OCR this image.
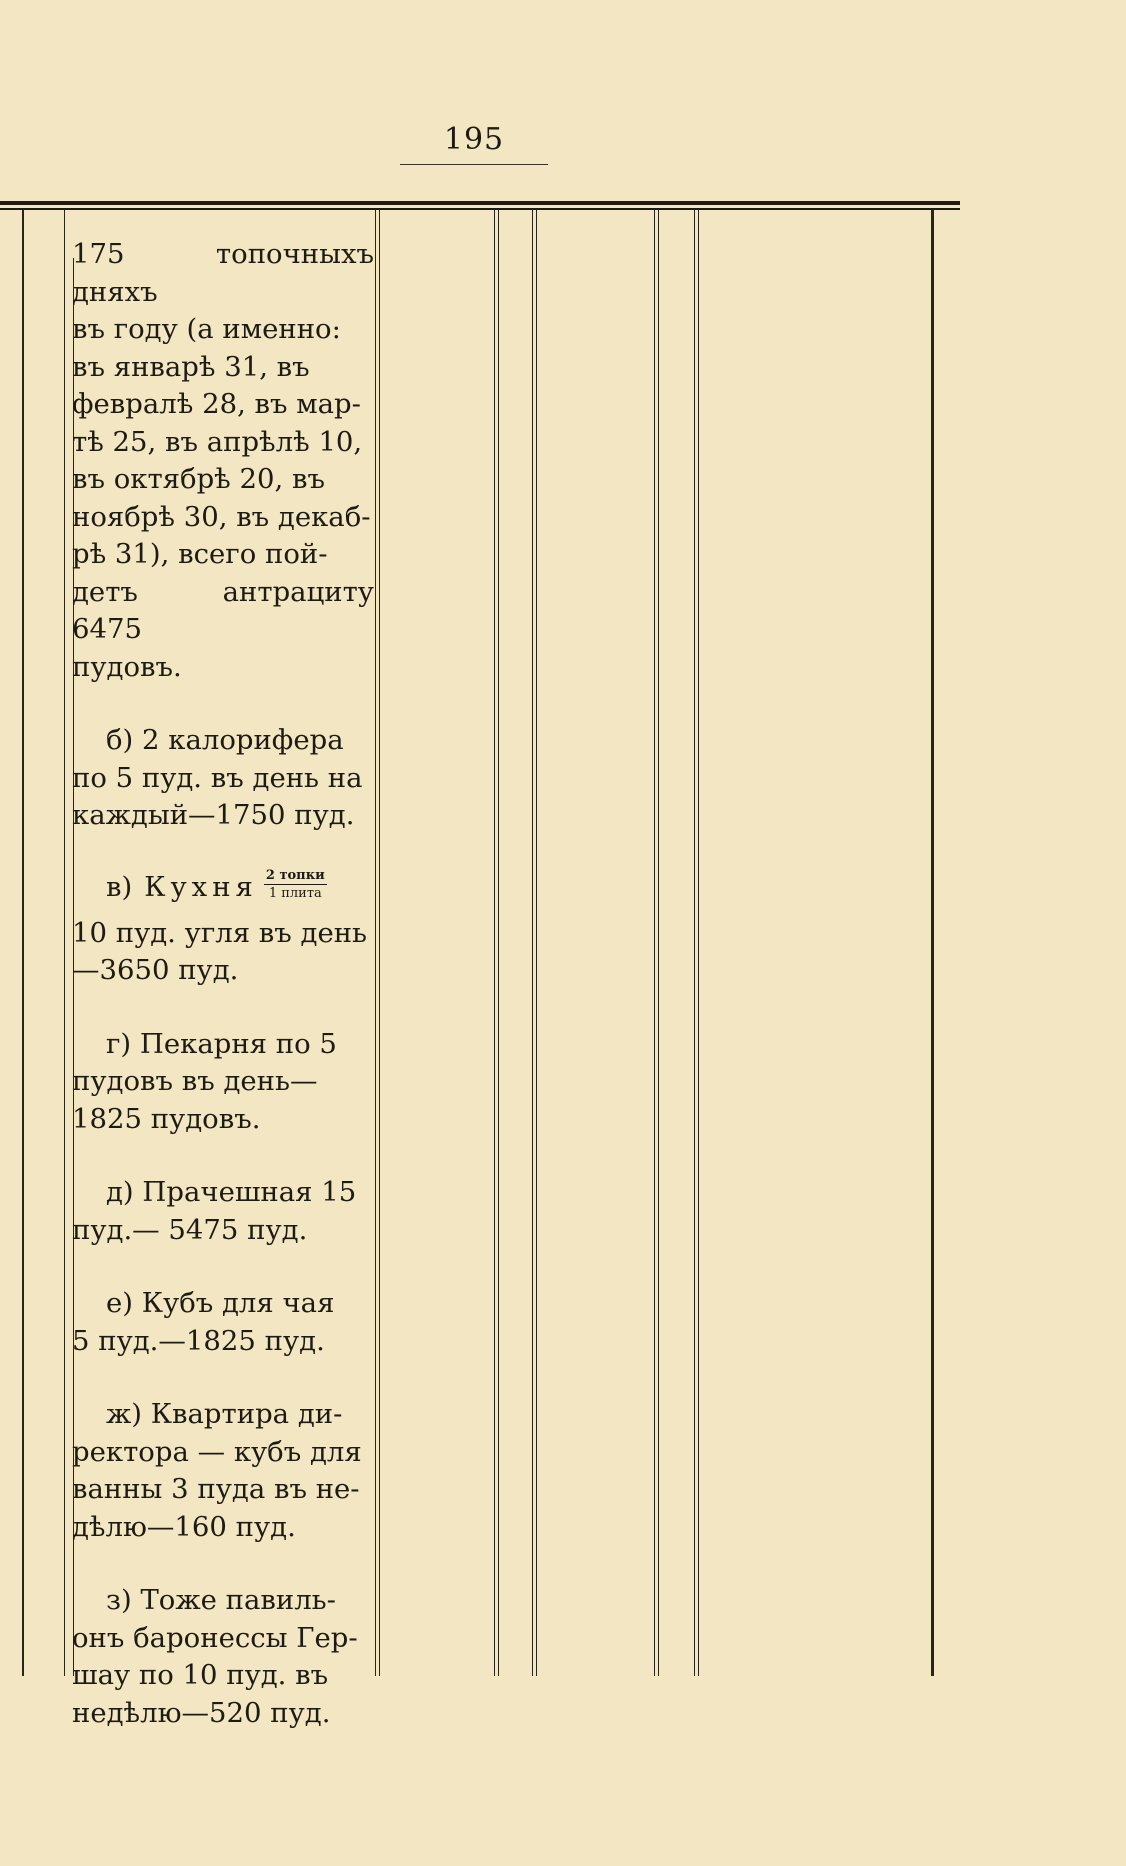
195

175 топочныхъ дняхъ

въ году (а именно:

въ январѣ 31, въ

февралѣ 28, въ мар-

тѣ 25, въ апрѣлѣ 10,

въ октябрѣ 20, въ

ноябрѣ 30, въ декаб-

рѣ 31), всего пой-

детъ антрациту 6475

пудовъ.

б) 2 калорифера

по 5 пуд. въ день на

каждый—1750 пуд.

в) Кухня $\frac{\text{2 топки}}{\text{1 плита}}$

10 пуд. угля въ день

—3650 пуд.

г) Пекарня по 5

пудовъ въ день—

1825 пудовъ.

д) Прачешная 15

пуд.— 5475 пуд.

е) Кубъ для чая

5 пуд.—1825 пуд.

ж) Квартира ди-

ректора — кубъ для

ванны 3 пуда въ не-

дѣлю—160 пуд.

з) Тоже павиль-

онъ баронессы Гер-

шау по 10 пуд. въ

недѣлю—520 пуд.
